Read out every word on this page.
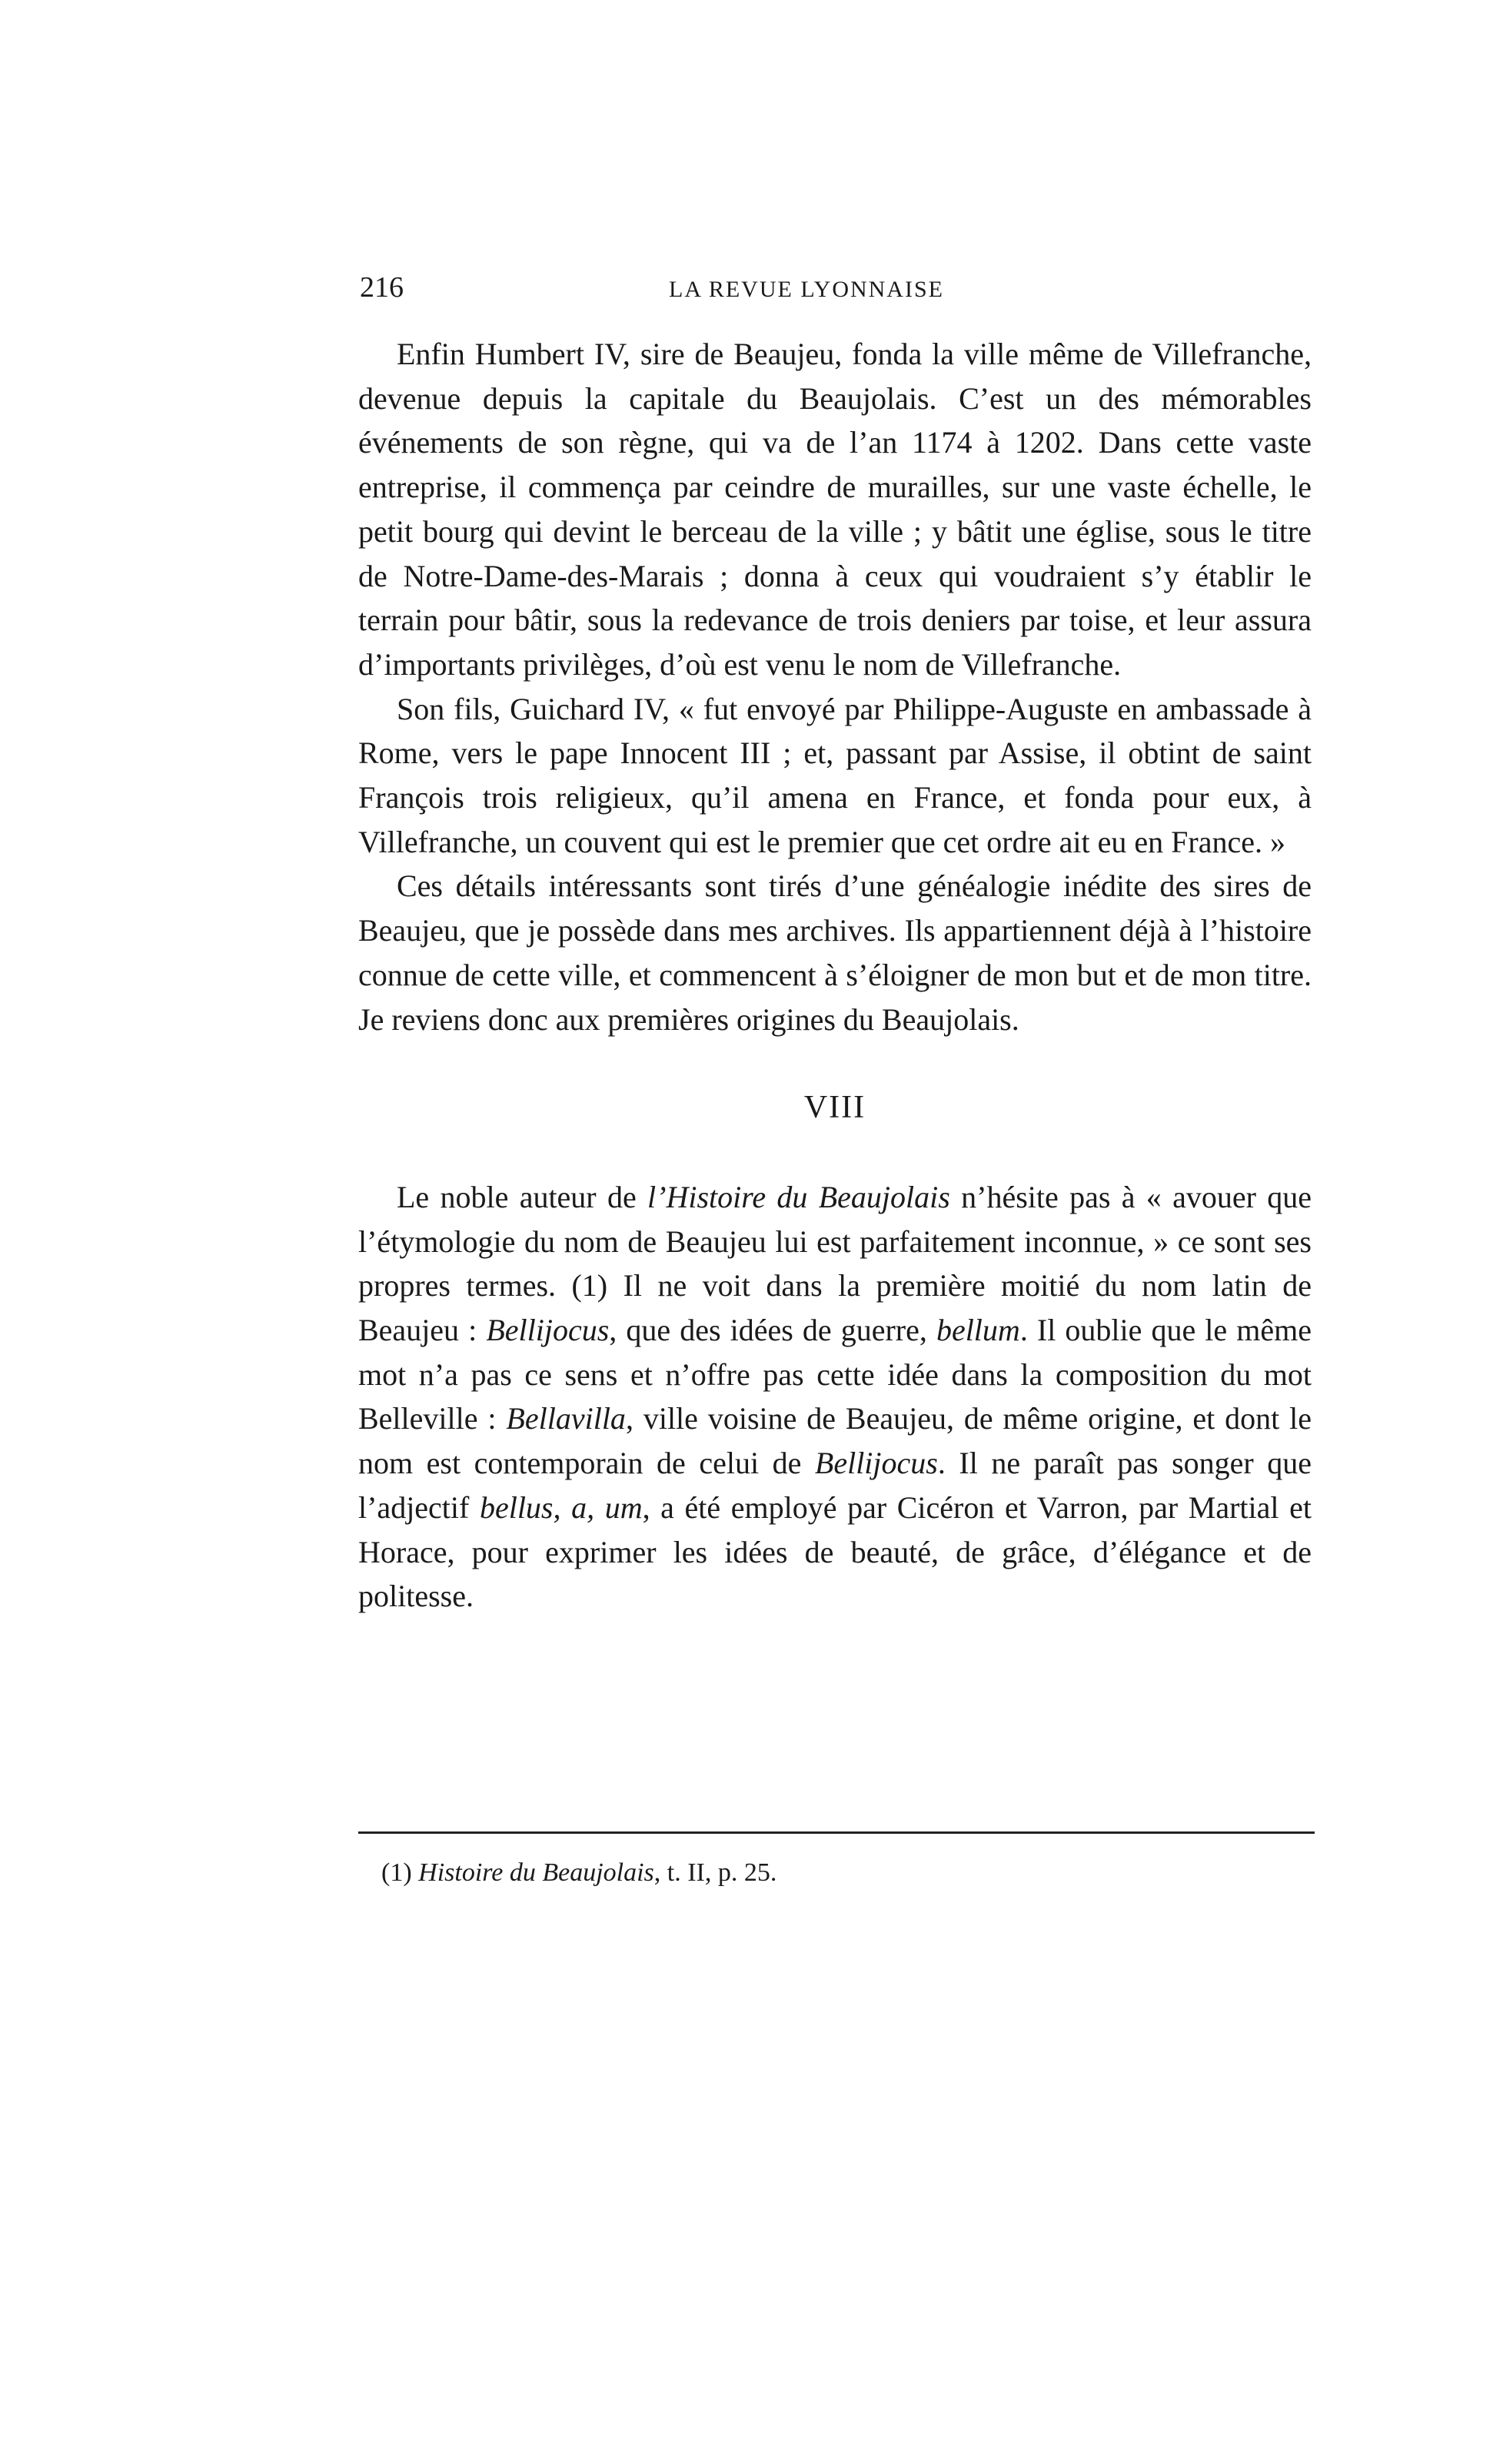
216	LA REVUE LYONNAISE

Enfin Humbert IV, sire de Beaujeu, fonda la ville même de Villefranche, devenue depuis la capitale du Beaujolais. C’est un des mémorables événements de son règne, qui va de l’an 1174 à 1202. Dans cette vaste entreprise, il commença par ceindre de murailles, sur une vaste échelle, le petit bourg qui devint le berceau de la ville ; y bâtit une église, sous le titre de Notre-Dame-des-Marais ; donna à ceux qui voudraient s’y établir le terrain pour bâtir, sous la redevance de trois deniers par toise, et leur assura d’importants privilèges, d’où est venu le nom de Villefranche.

Son fils, Guichard IV, « fut envoyé par Philippe-Auguste en ambassade à Rome, vers le pape Innocent III ; et, passant par Assise, il obtint de saint François trois religieux, qu’il amena en France, et fonda pour eux, à Villefranche, un couvent qui est le premier que cet ordre ait eu en France. »

Ces détails intéressants sont tirés d’une généalogie inédite des sires de Beaujeu, que je possède dans mes archives. Ils appartiennent déjà à l’histoire connue de cette ville, et commencent à s’éloigner de mon but et de mon titre. Je reviens donc aux premières origines du Beaujolais.

VIII

Le noble auteur de l’Histoire du Beaujolais n’hésite pas à « avouer que l’étymologie du nom de Beaujeu lui est parfaitement inconnue, » ce sont ses propres termes. (1) Il ne voit dans la première moitié du nom latin de Beaujeu : Bellijocus, que des idées de guerre, bellum. Il oublie que le même mot n’a pas ce sens et n’offre pas cette idée dans la composition du mot Belleville : Bellavilla, ville voisine de Beaujeu, de même origine, et dont le nom est contemporain de celui de Bellijocus. Il ne paraît pas songer que l’adjectif bellus, a, um, a été employé par Cicéron et Varron, par Martial et Horace, pour exprimer les idées de beauté, de grâce, d’élégance et de politesse.

(1) Histoire du Beaujolais, t. II, p. 25.
